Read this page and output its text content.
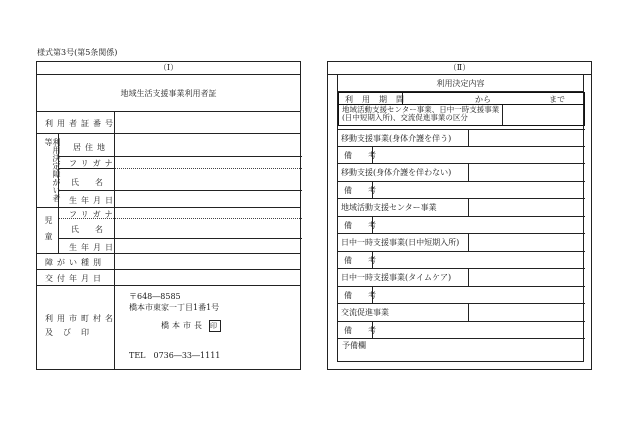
様式第3号(第5条関係)
（Ⅰ）
地域生活支援事業利用者証
利用者証番号
利用決定障がい者等
居住地
フリガナ
氏名
生年月日
児童
フリガナ
氏名
生年月日
障がい種別
交付年月日
利用市町村名
及び印
〒648―8585
橋本市東家一丁目1番1号
橋本市長 印
TEL　0736―33―1111
（Ⅱ）
利用決定内容
利用期間	から	まで
地域活動支援センター事業、日中一時支援事業(日中短期入所)、交流促進事業の区分
移動支援事業(身体介護を伴う)
備　　考
移動支援(身体介護を伴わない)
備　　考
地域活動支援センター事業
備　　考
日中一時支援事業(日中短期入所)
備　　考
日中一時支援事業(タイムケア)
備　　考
交流促進事業
備　　考
予備欄
